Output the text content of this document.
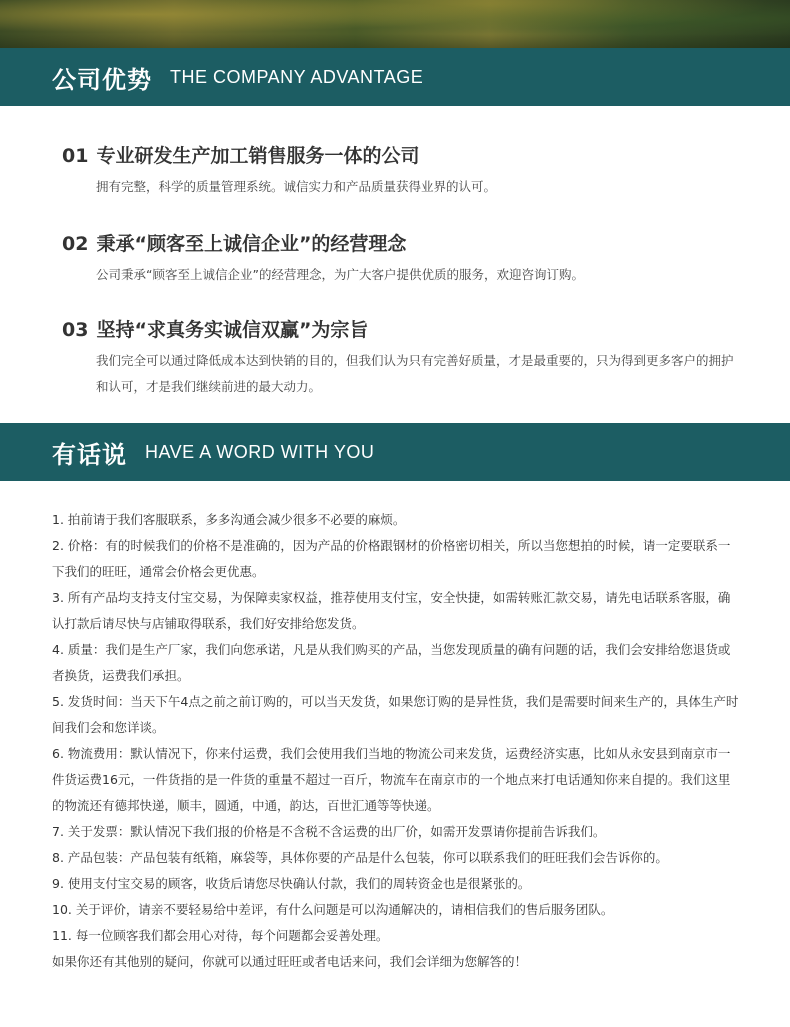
公司优势 THE COMPANY ADVANTAGE
01 专业研发生产加工销售服务一体的公司
拥有完整，科学的质量管理系统。诚信实力和产品质量获得业界的认可。
02 秉承“顾客至上诚信企业”的经营理念
公司秉承“顾客至上诚信企业”的经营理念，为广大客户提供优质的服务，欢迎咨询订购。
03 坚持“求真务实诚信双赢”为宗旨
我们完全可以通过降低成本达到快销的目的，但我们认为只有完善好质量，才是最重要的，只为得到更多客户的拥护和认可，才是我们继续前进的最大动力。
有话说 HAVE A WORD WITH YOU

1. 拍前请于我们客服联系，多多沟通会减少很多不必要的麻烦。

2. 价格：有的时候我们的价格不是准确的，因为产品的价格跟钢材的价格密切相关，所以当您想拍的时候，请一定要联系一下我们的旺旺，通常会价格会更优惠。

3. 所有产品均支持支付宝交易，为保障卖家权益，推荐使用支付宝，安全快捷，如需转账汇款交易，请先电话联系客服，确认打款后请尽快与店铺取得联系，我们好安排给您发货。

4. 质量：我们是生产厂家，我们向您承诺，凡是从我们购买的产品，当您发现质量的确有问题的话，我们会安排给您退货或者换货，运费我们承担。

5. 发货时间：当天下午4点之前之前订购的，可以当天发货，如果您订购的是异性货，我们是需要时间来生产的，具体生产时间我们会和您详谈。

6. 物流费用：默认情况下，你来付运费，我们会使用我们当地的物流公司来发货，运费经济实惠，比如从永安县到南京市一件货运费16元，一件货指的是一件货的重量不超过一百斤，物流车在南京市的一个地点来打电话通知你来自提的。我们这里的物流还有德邦快递，顺丰，圆通，中通，韵达，百世汇通等等快递。

7. 关于发票：默认情况下我们报的价格是不含税不含运费的出厂价，如需开发票请你提前告诉我们。

8. 产品包装：产品包装有纸箱，麻袋等，具体你要的产品是什么包装，你可以联系我们的旺旺我们会告诉你的。

9. 使用支付宝交易的顾客，收货后请您尽快确认付款，我们的周转资金也是很紧张的。

10. 关于评价，请亲不要轻易给中差评，有什么问题是可以沟通解决的，请相信我们的售后服务团队。

11. 每一位顾客我们都会用心对待，每个问题都会妥善处理。

如果你还有其他别的疑问，你就可以通过旺旺或者电话来问，我们会详细为您解答的！
